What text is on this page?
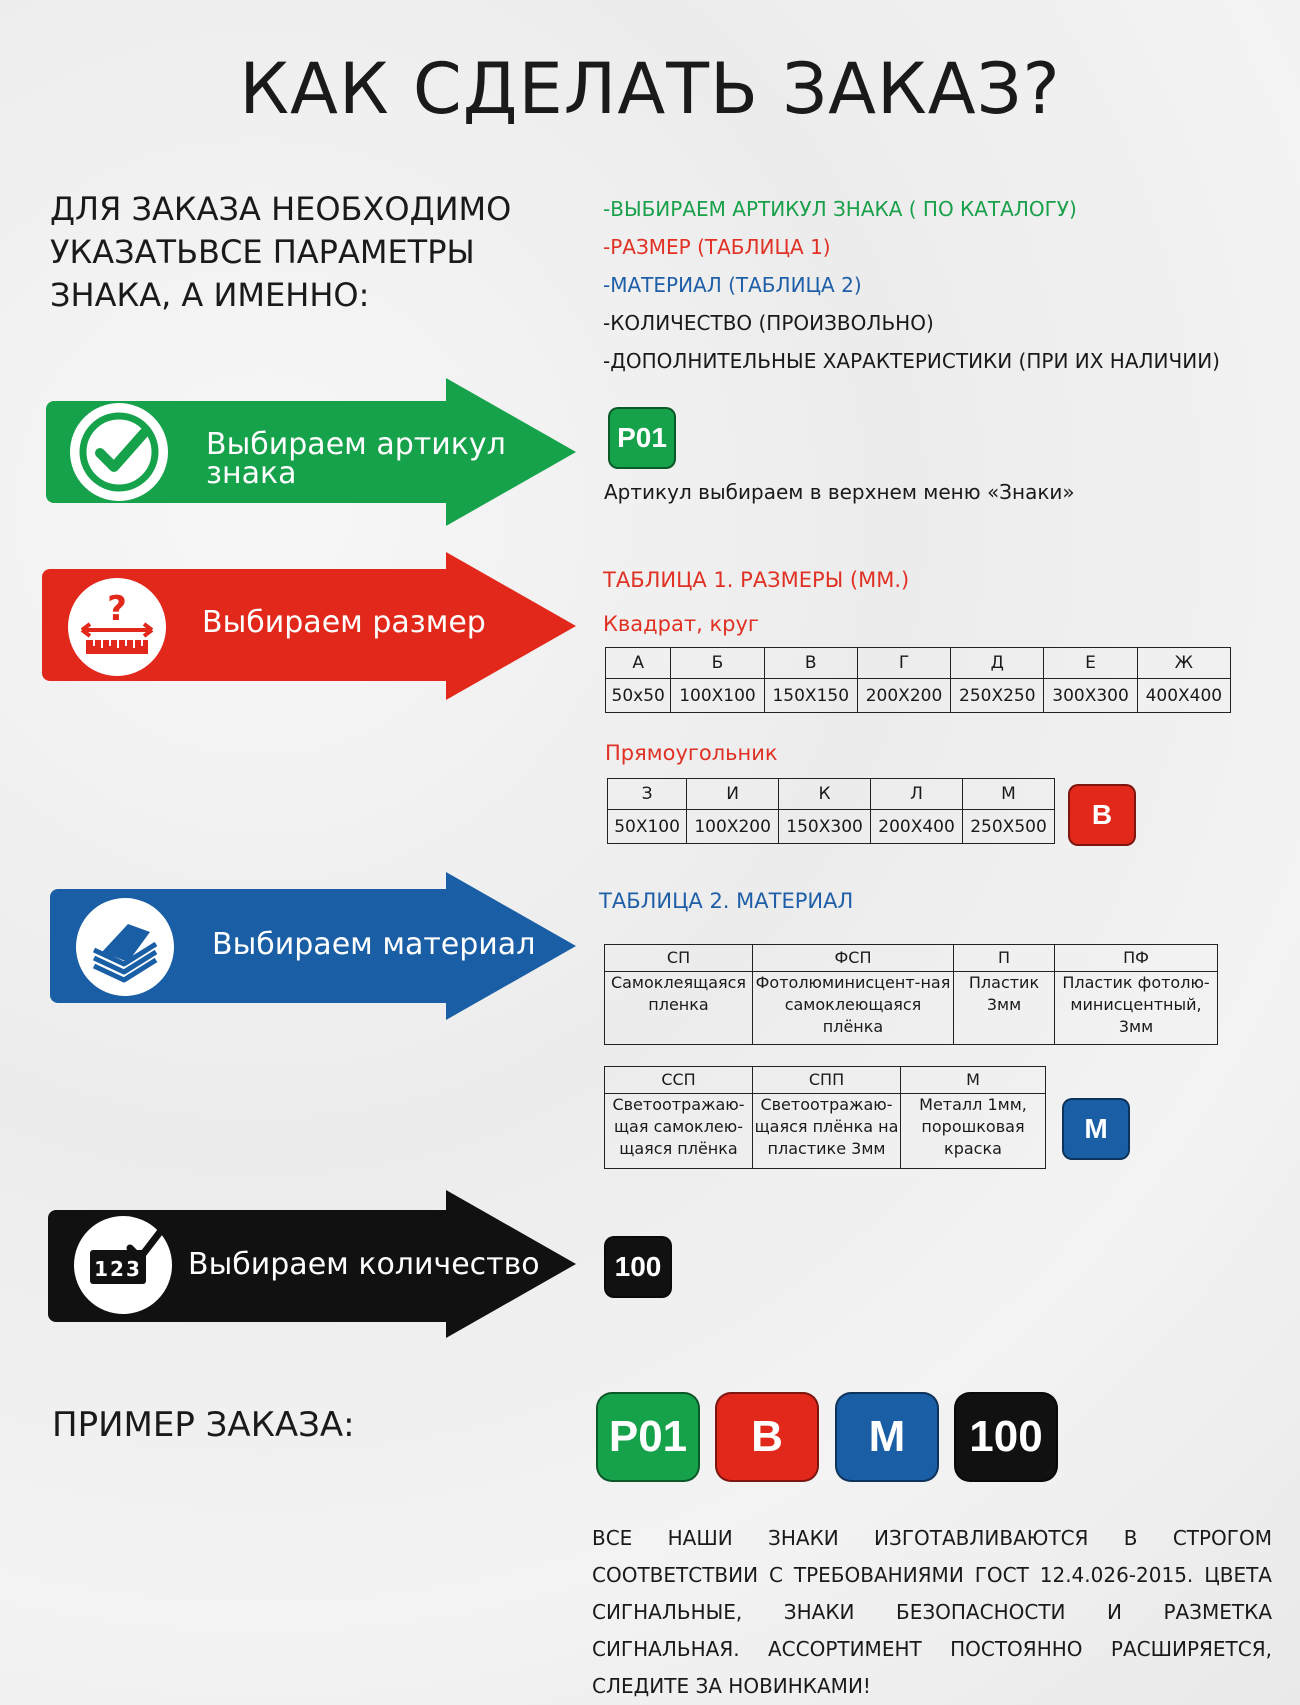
КАК СДЕЛАТЬ ЗАКАЗ?
ДЛЯ ЗАКАЗА НЕОБХОДИМО УКАЗАТЬВСЕ ПАРАМЕТРЫ ЗНАКА, А ИМЕННО:
-ВЫБИРАЕМ АРТИКУЛ ЗНАКА ( ПО КАТАЛОГУ)
-РАЗМЕР (ТАБЛИЦА 1)
-МАТЕРИАЛ (ТАБЛИЦА 2)
-КОЛИЧЕСТВО (ПРОИЗВОЛЬНО)
-ДОПОЛНИТЕЛЬНЫЕ ХАРАКТЕРИСТИКИ (ПРИ ИХ НАЛИЧИИ)
Выбираем артикул
знака
P01
Артикул выбираем в верхнем меню «Знаки»
?	Выбираем размер
ТАБЛИЦА 1. РАЗМЕРЫ (ММ.)
Квадрат, круг
А	Б	В	Г	Д	Е	Ж
50х50	100Х100	150Х150	200Х200	250Х250	300Х300	400Х400
Прямоугольник
З	И	К	Л	М
50Х100	100Х200	150Х300	200Х400	250Х500	В
Выбираем материал
ТАБЛИЦА 2. МАТЕРИАЛ
СП	ФСП	П	ПФ
Самоклеящаяся пленка	Фотолюминисцент-ная самоклеющаяся плёнка	Пластик 3мм	Пластик фотолю-минисцентный, 3мм
ССП	СПП	М
Светоотражаю-щая самоклею-щаяся плёнка	Светоотражаю-щаяся плёнка на пластике 3мм	Металл 1мм, порошковая краска
М
123 Выбираем количество	100
ПРИМЕР ЗАКАЗА:	P01	В	М	100
ВСЕ НАШИ ЗНАКИ ИЗГОТАВЛИВАЮТСЯ В СТРОГОМ СООТВЕТСТВИИ С ТРЕБОВАНИЯМИ ГОСТ 12.4.026-2015. ЦВЕТА СИГНАЛЬНЫЕ, ЗНАКИ БЕЗОПАСНОСТИ И РАЗМЕТКА СИГНАЛЬНАЯ. АССОРТИМЕНТ ПОСТОЯННО РАСШИРЯЕТСЯ, СЛЕДИТЕ ЗА НОВИНКАМИ!
